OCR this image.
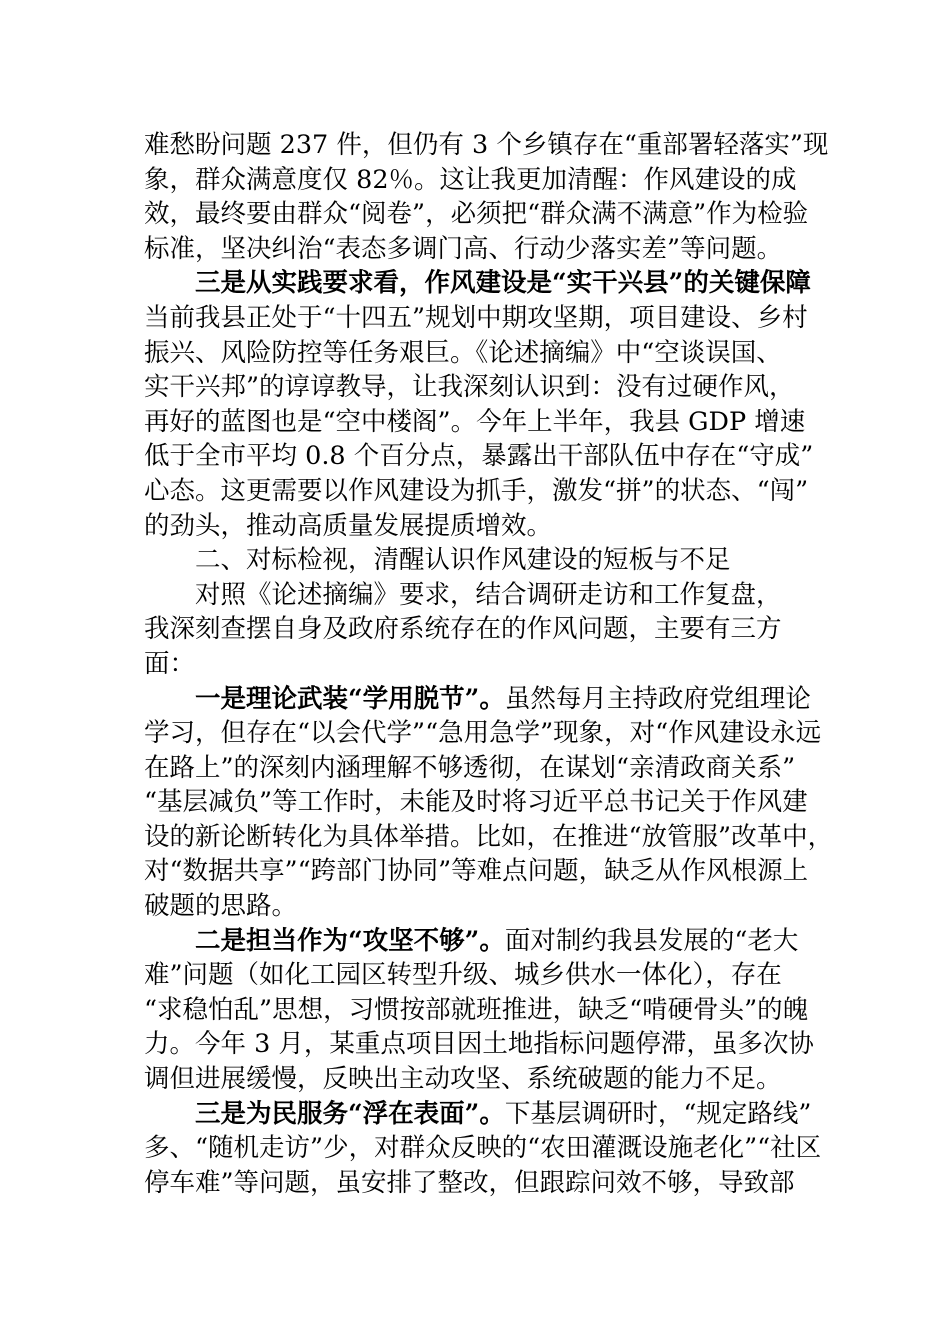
难愁盼问题 237 件，但仍有 3 个乡镇存在“重部署轻落实”现
象，群众满意度仅 82％。这让我更加清醒：作风建设的成
效，最终要由群众“阅卷”，必须把“群众满不满意”作为检验
标准，坚决纠治“表态多调门高、行动少落实差”等问题。
三是从实践要求看，作风建设是“实干兴县”的关键保障
当前我县正处于“十四五”规划中期攻坚期，项目建设、乡村
振兴、风险防控等任务艰巨。《论述摘编》中“空谈误国、
实干兴邦”的谆谆教导，让我深刻认识到：没有过硬作风，
再好的蓝图也是“空中楼阁”。今年上半年，我县 GDP 增速
低于全市平均 0.8 个百分点，暴露出干部队伍中存在“守成”
心态。这更需要以作风建设为抓手，激发“拼”的状态、“闯”
的劲头，推动高质量发展提质增效。
二、对标检视，清醒认识作风建设的短板与不足
对照《论述摘编》要求，结合调研走访和工作复盘，
我深刻查摆自身及政府系统存在的作风问题，主要有三方
面：
一是理论武装“学用脱节”。虽然每月主持政府党组理论
学习，但存在“以会代学”“急用急学”现象，对“作风建设永远
在路上”的深刻内涵理解不够透彻，在谋划“亲清政商关系”
“基层减负”等工作时，未能及时将习近平总书记关于作风建
设的新论断转化为具体举措。比如，在推进“放管服”改革中，
对“数据共享”“跨部门协同”等难点问题，缺乏从作风根源上
破题的思路。
二是担当作为“攻坚不够”。面对制约我县发展的“老大
难”问题（如化工园区转型升级、城乡供水一体化），存在
“求稳怕乱”思想，习惯按部就班推进，缺乏“啃硬骨头”的魄
力。今年 3 月，某重点项目因土地指标问题停滞，虽多次协
调但进展缓慢，反映出主动攻坚、系统破题的能力不足。
三是为民服务“浮在表面”。下基层调研时，“规定路线”
多、“随机走访”少，对群众反映的“农田灌溉设施老化”“社区
停车难”等问题，虽安排了整改，但跟踪问效不够，导致部
